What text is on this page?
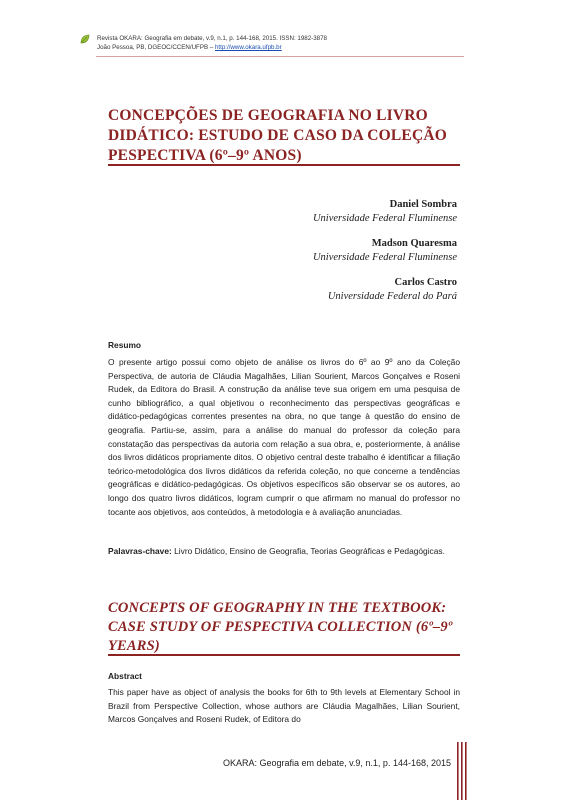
Revista OKARA: Geografia em debate, v.9, n.1, p. 144-168, 2015. ISSN: 1982-3878
João Pessoa, PB, DGEOC/CCEN/UFPB – http://www.okara.ufpb.br
CONCEPÇÕES DE GEOGRAFIA NO LIVRO DIDÁTICO: ESTUDO DE CASO DA COLEÇÃO PESPECTIVA (6º–9º ANOS)
Daniel Sombra
Universidade Federal Fluminense
Madson Quaresma
Universidade Federal Fluminense
Carlos Castro
Universidade Federal do Pará
Resumo
O presente artigo possui como objeto de análise os livros do 6º ao 9º ano da Coleção Perspectiva, de autoria de Cláudia Magalhães, Lilian Sourient, Marcos Gonçalves e Roseni Rudek, da Editora do Brasil. A construção da análise teve sua origem em uma pesquisa de cunho bibliográfico, a qual objetivou o reconhecimento das perspectivas geográficas e didático-pedagógicas correntes presentes na obra, no que tange à questão do ensino de geografia. Partiu-se, assim, para a análise do manual do professor da coleção para constatação das perspectivas da autoria com relação a sua obra, e, posteriormente, à análise dos livros didáticos propriamente ditos. O objetivo central deste trabalho é identificar a filiação teórico-metodológica dos livros didáticos da referida coleção, no que concerne a tendências geográficas e didático-pedagógicas. Os objetivos específicos são observar se os autores, ao longo dos quatro livros didáticos, logram cumprir o que afirmam no manual do professor no tocante aos objetivos, aos conteúdos, à metodologia e à avaliação anunciadas.
Palavras-chave: Livro Didático, Ensino de Geografia, Teorias Geográficas e Pedagógicas.
CONCEPTS OF GEOGRAPHY IN THE TEXTBOOK: CASE STUDY OF PESPECTIVA COLLECTION (6º–9º YEARS)
Abstract
This paper have as object of analysis the books for 6th to 9th levels at Elementary School in Brazil from Perspective Collection, whose authors are Cláudia Magalhães, Lilian Sourient, Marcos Gonçalves and Roseni Rudek, of Editora do
OKARA: Geografia em debate, v.9, n.1, p. 144-168, 2015
